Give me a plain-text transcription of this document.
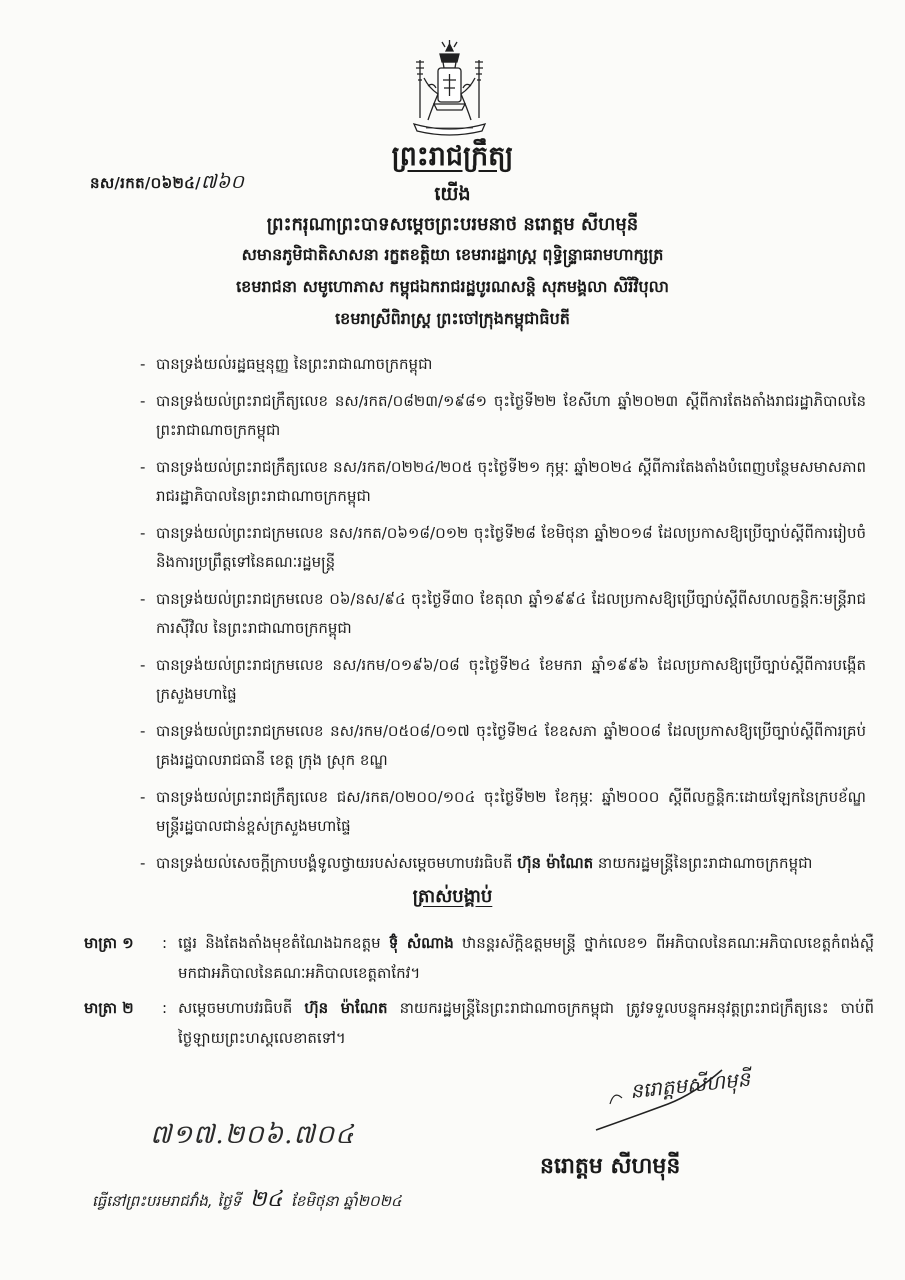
នស/រកត/០៦២៤/៧៦០
ព្រះរាជក្រឹត្យ
យើង
ព្រះករុណាព្រះបាទសម្តេចព្រះបរមនាថ នរោត្តម សីហមុនី
សមានភូមិជាតិសាសនា រក្ខតខត្តិយា ខេមរារដ្ឋរាស្ត្រ ពុទ្ធិន្ទ្រាធរាមហាក្សត្រ
ខេមរាជនា សមូហោភាស កម្ពុជឯករាជរដ្ឋបូរណសន្តិ សុភមង្គលា សិរីវិបុលា
ខេមរាស្រីពិរាស្ត្រ ព្រះចៅក្រុងកម្ពុជាធិបតី
- បានទ្រង់យល់រដ្ឋធម្មនុញ្ញ នៃព្រះរាជាណាចក្រកម្ពុជា
- បានទ្រង់យល់ព្រះរាជក្រឹត្យលេខ នស/រកត/០៨២៣/១៩៨១ ចុះថ្ងៃទី២២ ខែសីហា ឆ្នាំ២០២៣ ស្តីពីការតែងតាំងរាជរដ្ឋាភិបាលនៃព្រះរាជាណាចក្រកម្ពុជា
- បានទ្រង់យល់ព្រះរាជក្រឹត្យលេខ នស/រកត/០២២៤/២០៥ ចុះថ្ងៃទី២១ កុម្ភៈ ឆ្នាំ២០២៤ ស្តីពីការតែងតាំងបំពេញបន្ថែមសមាសភាពរាជរដ្ឋាភិបាលនៃព្រះរាជាណាចក្រកម្ពុជា
- បានទ្រង់យល់ព្រះរាជក្រមលេខ នស/រកត/០៦១៨/០១២ ចុះថ្ងៃទី២៨ ខែមិថុនា ឆ្នាំ២០១៨ ដែលប្រកាសឱ្យប្រើច្បាប់ស្តីពីការរៀបចំ និងការប្រព្រឹត្តទៅនៃគណៈរដ្ឋមន្ត្រី
- បានទ្រង់យល់ព្រះរាជក្រមលេខ ០៦/នស/៩៤ ចុះថ្ងៃទី៣០ ខែតុលា ឆ្នាំ១៩៩៤ ដែលប្រកាសឱ្យប្រើច្បាប់ស្តីពីសហលក្ខន្តិកៈមន្ត្រីរាជការស៊ីវិល នៃព្រះរាជាណាចក្រកម្ពុជា
- បានទ្រង់យល់ព្រះរាជក្រមលេខ នស/រកម/០១៩៦/០៨ ចុះថ្ងៃទី២៤ ខែមករា ឆ្នាំ១៩៩៦ ដែលប្រកាសឱ្យប្រើច្បាប់ស្តីពីការបង្កើតក្រសួងមហាផ្ទៃ
- បានទ្រង់យល់ព្រះរាជក្រមលេខ នស/រកម/០៥០៨/០១៧ ចុះថ្ងៃទី២៤ ខែឧសភា ឆ្នាំ២០០៨ ដែលប្រកាសឱ្យប្រើច្បាប់ស្តីពីការគ្រប់គ្រងរដ្ឋបាលរាជធានី ខេត្ត ក្រុង ស្រុក ខណ្ឌ
- បានទ្រង់យល់ព្រះរាជក្រឹត្យលេខ ជស/រកត/០២០០/១០៤ ចុះថ្ងៃទី២២ ខែកុម្ភៈ ឆ្នាំ២០០០ ស្តីពីលក្ខន្តិកៈដោយឡែកនៃក្របខ័ណ្ឌមន្ត្រីរដ្ឋបាលជាន់ខ្ពស់ក្រសួងមហាផ្ទៃ
- បានទ្រង់យល់សេចក្តីក្រាបបង្គំទូលថ្វាយរបស់សម្តេចមហាបវរធិបតី ហ៊ុន ម៉ាណែត នាយករដ្ឋមន្ត្រីនៃព្រះរាជាណាចក្រកម្ពុជា
ត្រាស់បង្គាប់
មាត្រា ១	: ផ្ទេរ និងតែងតាំងមុខតំណែងឯកឧត្តម ទ៊ុំ សំណាង ឋានន្តរស័ក្តិឧត្តមមន្ត្រី ថ្នាក់លេខ១ ពីអភិបាលនៃគណៈអភិបាលខេត្តកំពង់ស្ពឺ មកជាអភិបាលនៃគណៈអភិបាលខេត្តតាកែវ។
មាត្រា ២	: សម្តេចមហាបវរធិបតី ហ៊ុន ម៉ាណែត នាយករដ្ឋមន្ត្រីនៃព្រះរាជាណាចក្រកម្ពុជា ត្រូវទទួលបន្ទុកអនុវត្តព្រះរាជក្រឹត្យនេះ ចាប់ពីថ្ងៃឡាយព្រះហស្តលេខាតទៅ។
នរោត្តមសីហមុនី
៧១៧.២០៦.៧០៤
នរោត្តម សីហមុនី
ធ្វើនៅព្រះបរមរាជវាំង, ថ្ងៃទី ២៤ ខែមិថុនា ឆ្នាំ២០២៤
